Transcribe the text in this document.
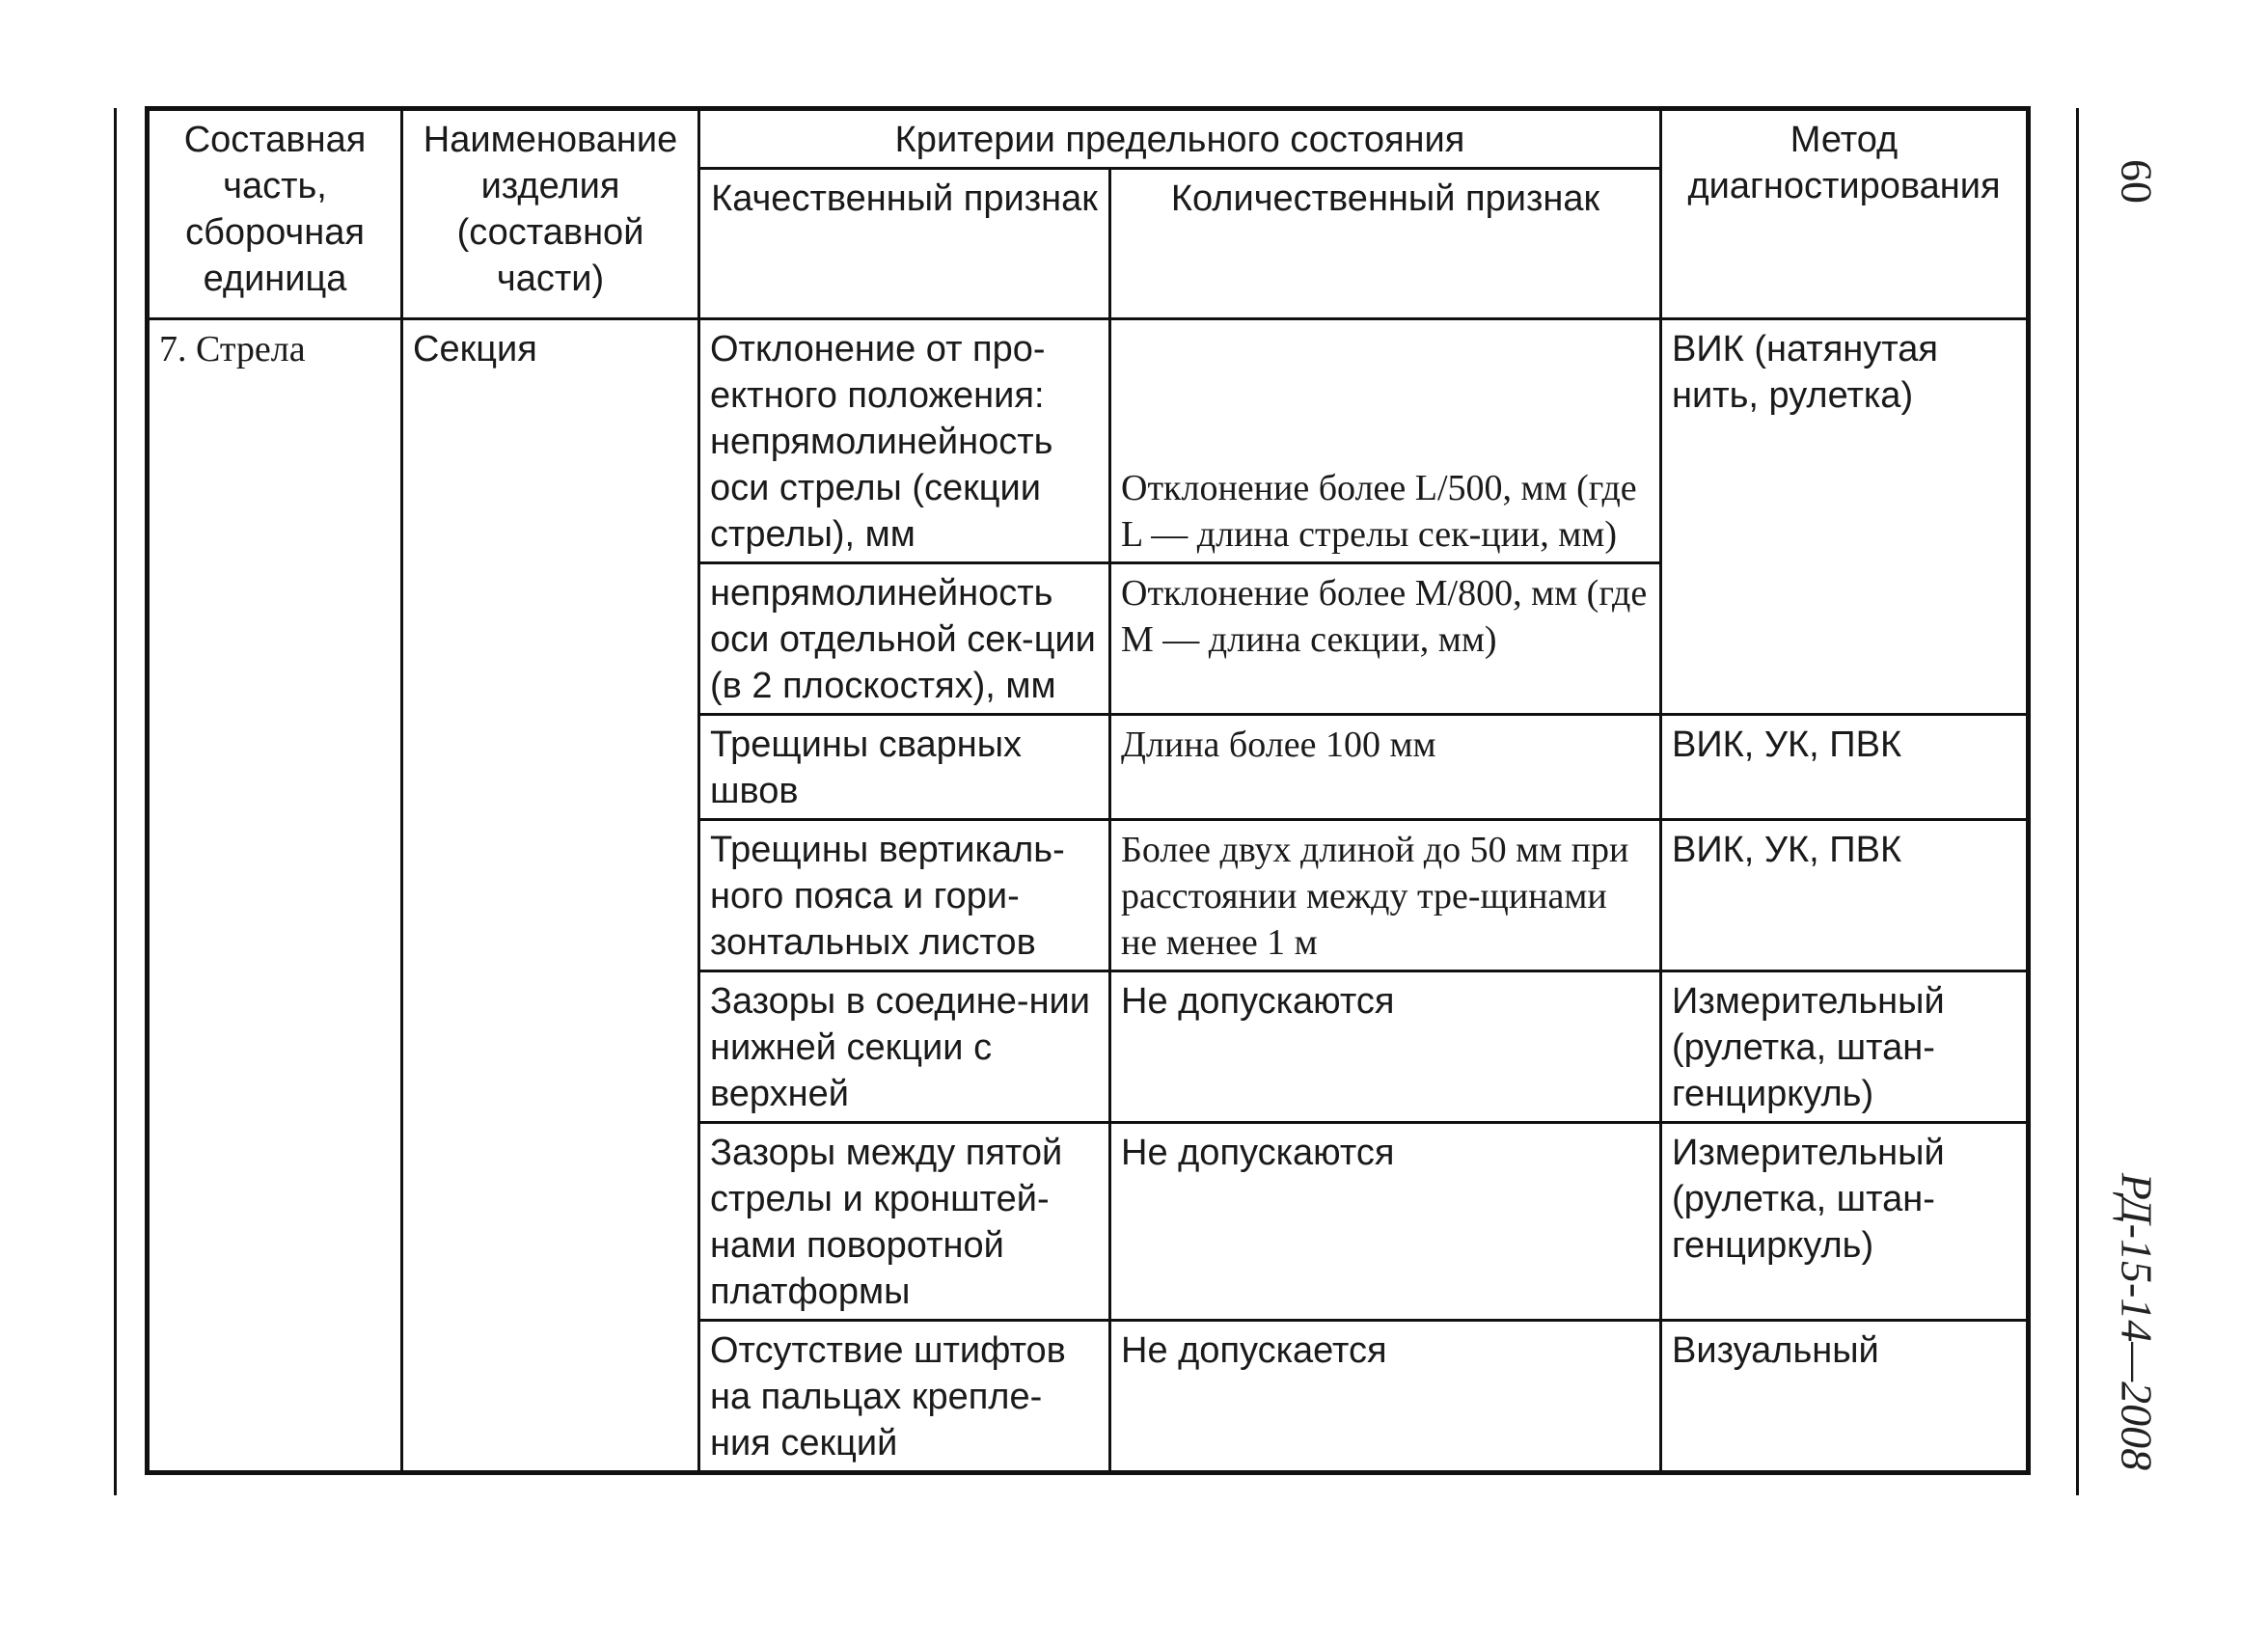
60
РД-15-14—2008
Составная часть, сборочная единица	Наименование изделия (составной части)	Критерии предельного состояния		Метод диагностирования
		Качественный признак	Количественный признак	
7. Стрела	Секция	Отклонение от про-ектного положения: непрямолинейность оси стрелы (секции стрелы), мм	Отклонение более L/500, мм (где L — длина стрелы сек-ции, мм)	ВИК (натянутая нить, рулетка)
		непрямолинейность оси отдельной сек-ции (в 2 плоскостях), мм	Отклонение более M/800, мм (где M — длина секции, мм)	
		Трещины сварных швов	Длина более 100 мм	ВИК, УК, ПВК
		Трещины вертикаль-ного пояса и гори-зонтальных листов	Более двух длиной до 50 мм при расстоянии между тре-щинами не менее 1 м	ВИК, УК, ПВК
		Зазоры в соедине-нии нижней секции с верхней	Не допускаются	Измерительный (рулетка, штан-генциркуль)
		Зазоры между пятой стрелы и кронштей-нами поворотной платформы	Не допускаются	Измерительный (рулетка, штан-генциркуль)
		Отсутствие штифтов на пальцах крепле-ния секций	Не допускается	Визуальный
